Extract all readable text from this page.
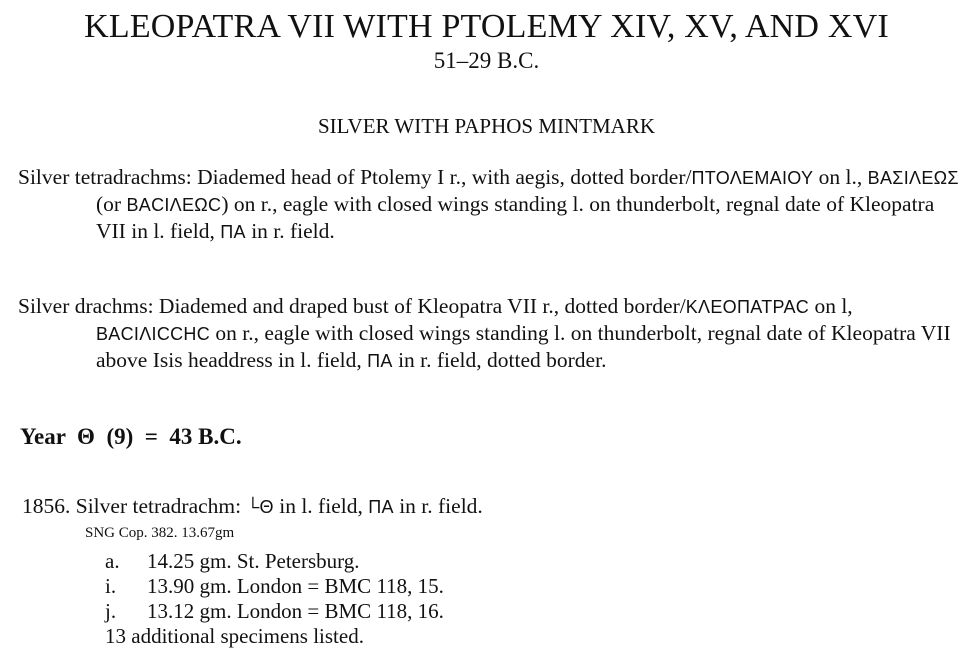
KLEOPATRA VII WITH PTOLEMY XIV, XV, AND XVI
51–29 B.C.
SILVER WITH PAPHOS MINTMARK

Silver tetradrachms: Diademed head of Ptolemy I r., with aegis, dotted border/ΠΤΟΛΕΜΑΙΟΥ on l., ΒΑΣΙΛΕΩΣ (or ΒΑCΙΛΕΩC) on r., eagle with closed wings standing l. on thunderbolt, regnal date of Kleopatra VII in l. field, ΠΑ in r. field.

Silver drachms: Diademed and draped bust of Kleopatra VII r., dotted border/ΚΛΕΟΠΑΤΡΑC on l, ΒΑCΙΛΙCCΗC on r., eagle with closed wings standing l. on thunderbolt, regnal date of Kleopatra VII above Isis headdress in l. field, ΠΑ in r. field, dotted border.

Year  Θ  (9)  =  43 B.C.
1856. Silver tetradrachm: └Θ in l. field, ΠΑ in r. field.
SNG Cop. 382. 13.67gm
a. 14.25 gm. St. Petersburg.
i. 13.90 gm. London = BMC 118, 15.
j. 13.12 gm. London = BMC 118, 16.
13 additional specimens listed.
